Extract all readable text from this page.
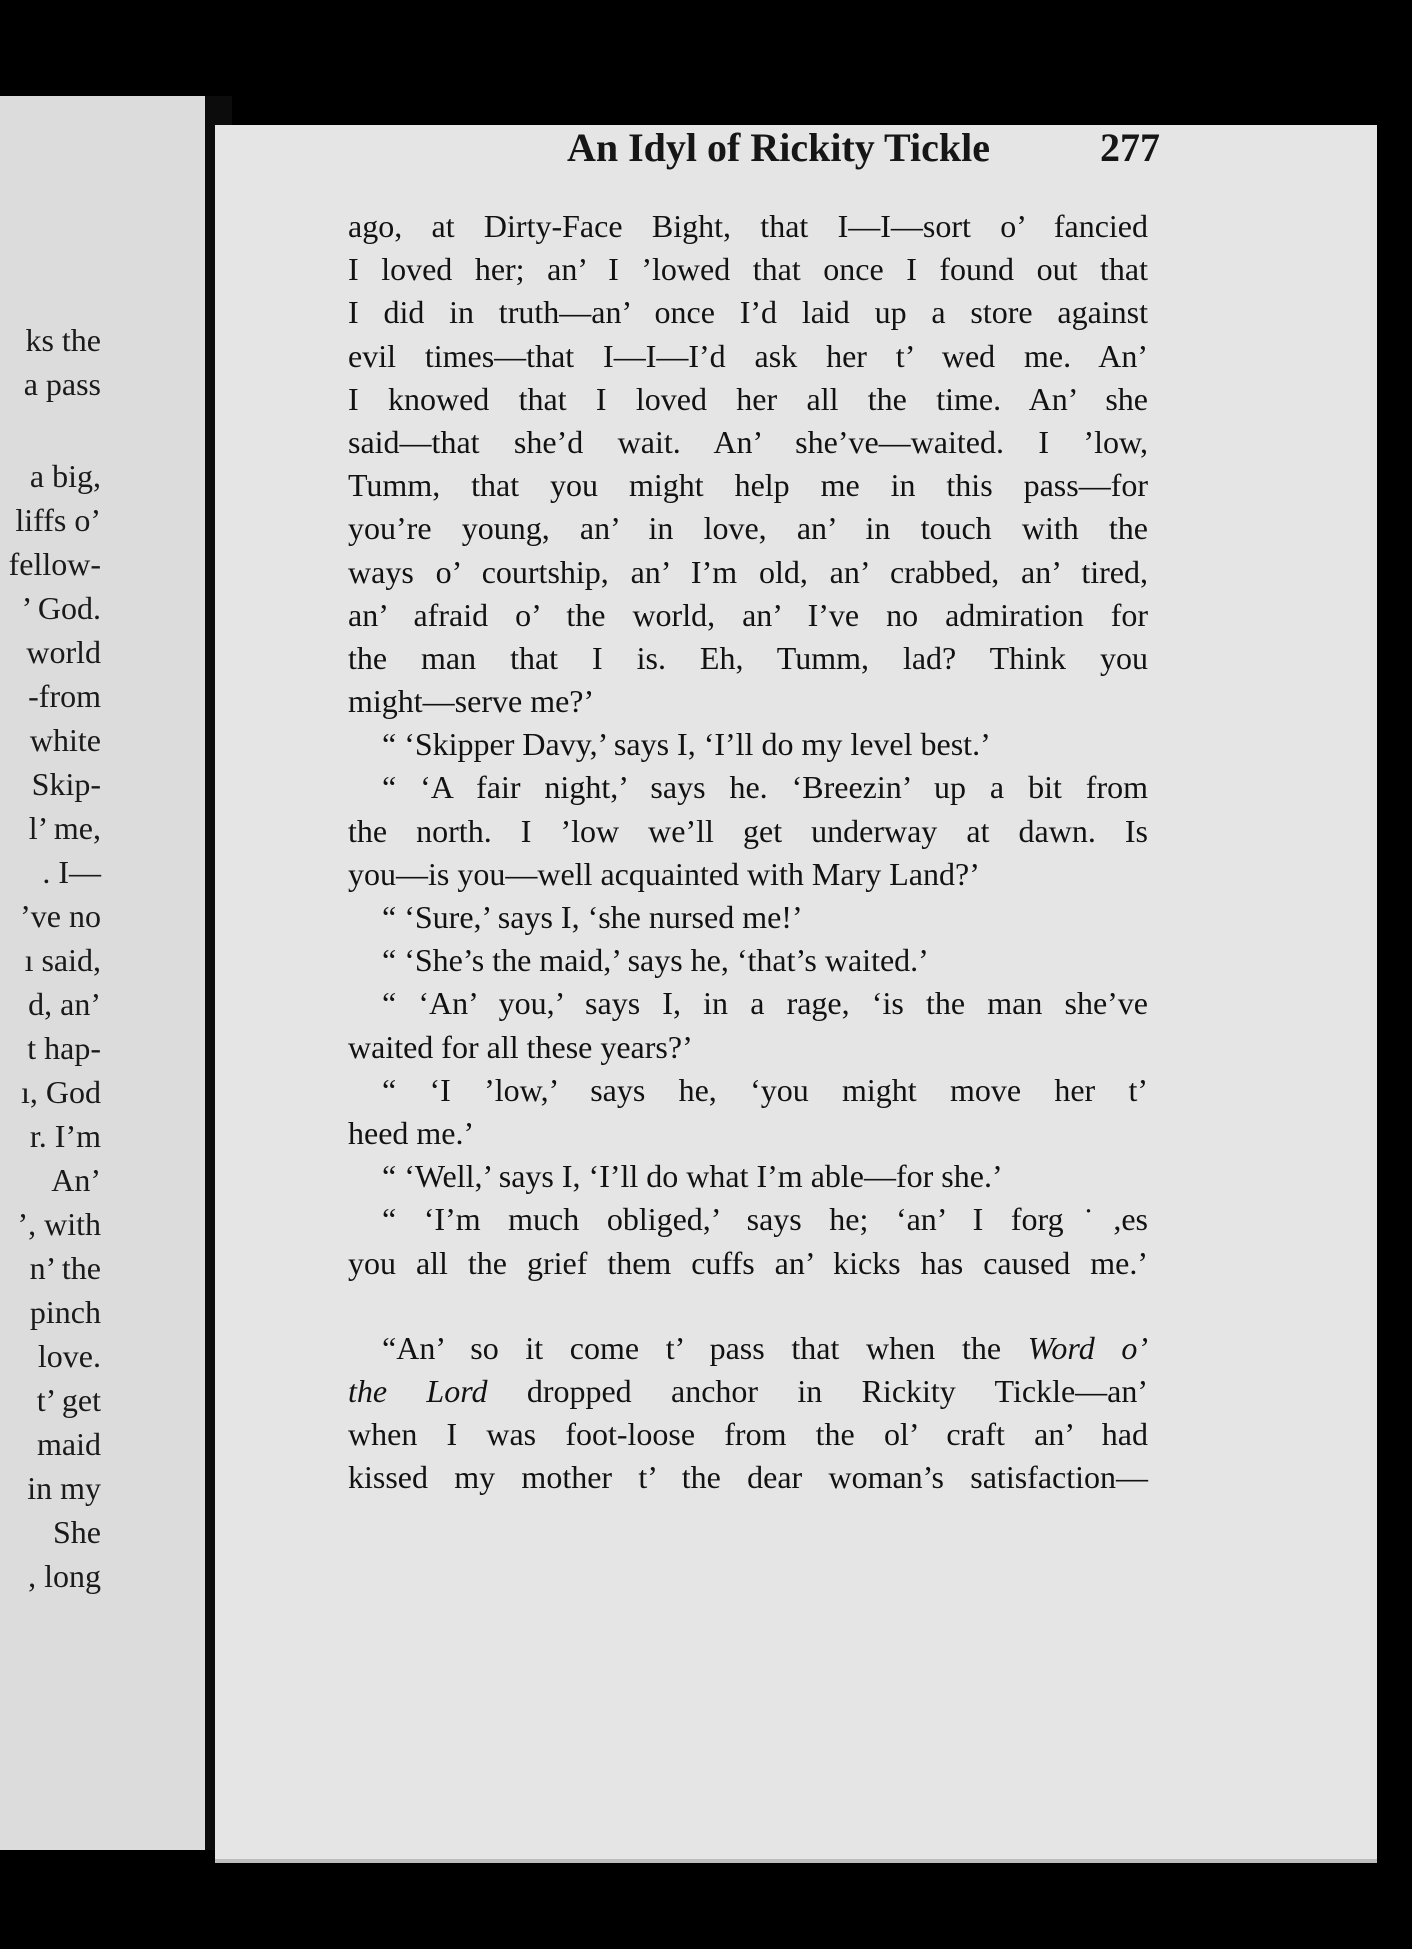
ks the
a pass
a big,
liffs o’
fellow-
’ God.
world
-from
white
Skip-
l’ me,
. I—
’ve no
ı said,
d, an’
t hap-
ı, God
r. I’m
An’
’, with
n’ the
pinch
love.
t’ get
maid
in my
She
, long
An Idyl of Rickity Tickle	277
ago, at Dirty-Face Bight, that I—I—sort o’ fancied
I loved her; an’ I ’lowed that once I found out that
I did in truth—an’ once I’d laid up a store against
evil times—that I—I—I’d ask her t’ wed me. An’
I knowed that I loved her all the time. An’ she
said—that she’d wait. An’ she’ve—waited. I ’low,
Tumm, that you might help me in this pass—for
you’re young, an’ in love, an’ in touch with the
ways o’ courtship, an’ I’m old, an’ crabbed, an’ tired,
an’ afraid o’ the world, an’ I’ve no admiration for
the man that I is. Eh, Tumm, lad? Think you
might—serve me?’
“ ‘Skipper Davy,’ says I, ‘I’ll do my level best.’
“ ‘A fair night,’ says he. ‘Breezin’ up a bit from
the north. I ’low we’ll get underway at dawn. Is
you—is you—well acquainted with Mary Land?’
“ ‘Sure,’ says I, ‘she nursed me!’
“ ‘She’s the maid,’ says he, ‘that’s waited.’
“ ‘An’ you,’ says I, in a rage, ‘is the man she’ve
waited for all these years?’
“ ‘I ’low,’ says he, ‘you might move her t’
heed me.’
“ ‘Well,’ says I, ‘I’ll do what I’m able—for she.’
“ ‘I’m much obliged,’ says he; ‘an’ I forg˙,es
you all the grief them cuffs an’ kicks has caused me.’
“An’ so it come t’ pass that when the Word o’
the Lord dropped anchor in Rickity Tickle—an’
when I was foot-loose from the ol’ craft an’ had
kissed my mother t’ the dear woman’s satisfaction—
